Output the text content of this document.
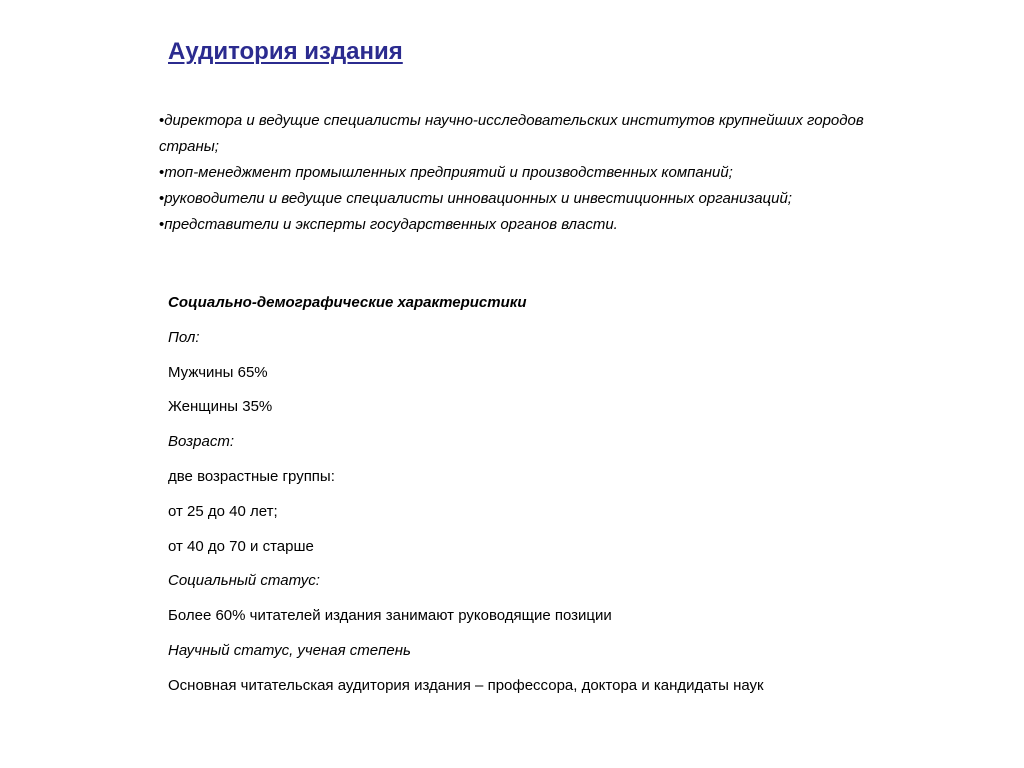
Аудитория издания
•директора и ведущие специалисты научно-исследовательских институтов крупнейших городов страны;
•топ-менеджмент промышленных предприятий и производственных компаний;
•руководители и ведущие специалисты инновационных и инвестиционных организаций;
•представители и эксперты государственных органов власти.
Социально-демографические характеристики
Пол:
Мужчины 65%
Женщины 35%
Возраст:
две возрастные группы:
от 25 до 40 лет;
от 40 до 70 и старше
Социальный статус:
Более 60% читателей издания занимают руководящие позиции
Научный статус, ученая степень
Основная читательская аудитория издания – профессора, доктора и кандидаты наук
